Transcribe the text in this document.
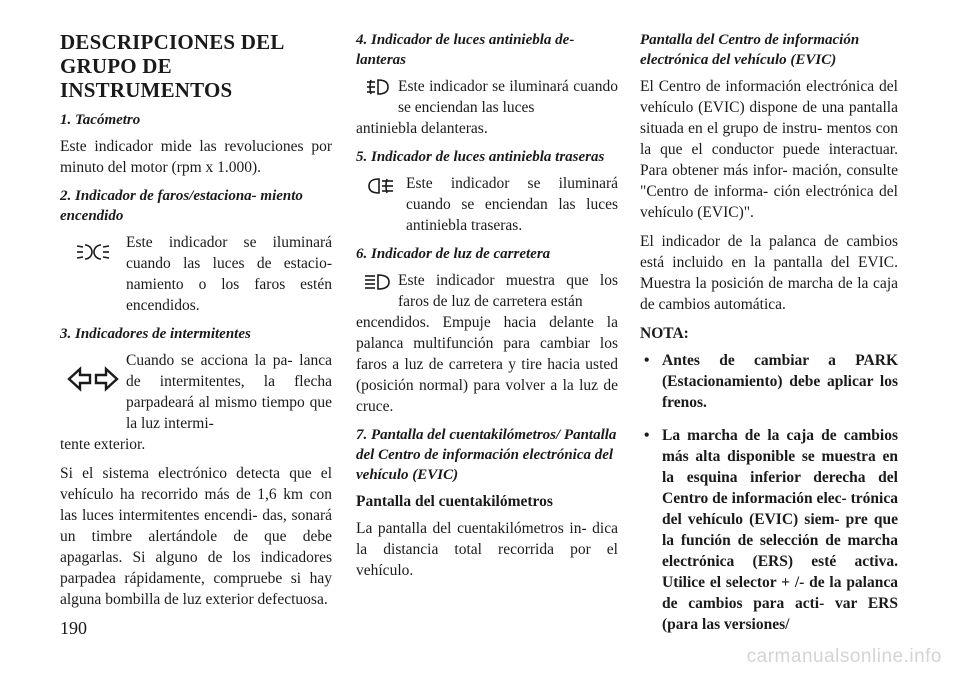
DESCRIPCIONES DEL
GRUPO DE
INSTRUMENTOS
1. Tacómetro

Este indicador mide las revoluciones por minuto del motor (rpm x 1.000).

2. Indicador de faros/estaciona- miento encendido
Este indicador se iluminará cuando las luces de estacio- namiento o los faros estén encendidos.
3. Indicadores de intermitentes
Cuando se acciona la pa- lanca de intermitentes, la flecha parpadeará al mismo tiempo que la luz intermi-
tente exterior.

Si el sistema electrónico detecta que el vehículo ha recorrido más de 1,6 km con las luces intermitentes encendi- das, sonará un timbre alertándole de que debe apagarlas. Si alguno de los indicadores parpadea rápidamente, compruebe si hay alguna bombilla de luz exterior defectuosa.

4. Indicador de luces antiniebla de- lanteras
Este indicador se iluminará cuando se enciendan las luces
antiniebla delanteras.
5. Indicador de luces antiniebla traseras
Este indicador se iluminará cuando se enciendan las luces antiniebla traseras.
6. Indicador de luz de carretera
Este indicador muestra que los faros de luz de carretera están
encendidos. Empuje hacia delante la palanca multifunción para cambiar los faros a luz de carretera y tire hacia usted (posición normal) para volver a la luz de cruce.
7. Pantalla del cuentakilómetros/ Pantalla del Centro de información electrónica del vehículo (EVIC)
Pantalla del cuentakilómetros

La pantalla del cuentakilómetros in- dica la distancia total recorrida por el vehículo.

Pantalla del Centro de información electrónica del vehículo (EVIC)

El Centro de información electrónica del vehículo (EVIC) dispone de una pantalla situada en el grupo de instru- mentos con la que el conductor puede interactuar. Para obtener más infor- mación, consulte "Centro de informa- ción electrónica del vehículo (EVIC)".

El indicador de la palanca de cambios está incluido en la pantalla del EVIC. Muestra la posición de marcha de la caja de cambios automática.

NOTA:
• Antes de cambiar a PARK (Estacionamiento) debe aplicar los frenos.
• La marcha de la caja de cambios más alta disponible se muestra en la esquina inferior derecha del Centro de información elec- trónica del vehículo (EVIC) siem- pre que la función de selección de marcha electrónica (ERS) esté activa. Utilice el selector + /- de la palanca de cambios para acti- var ERS (para las versiones/
190
carmanualsonline.info
